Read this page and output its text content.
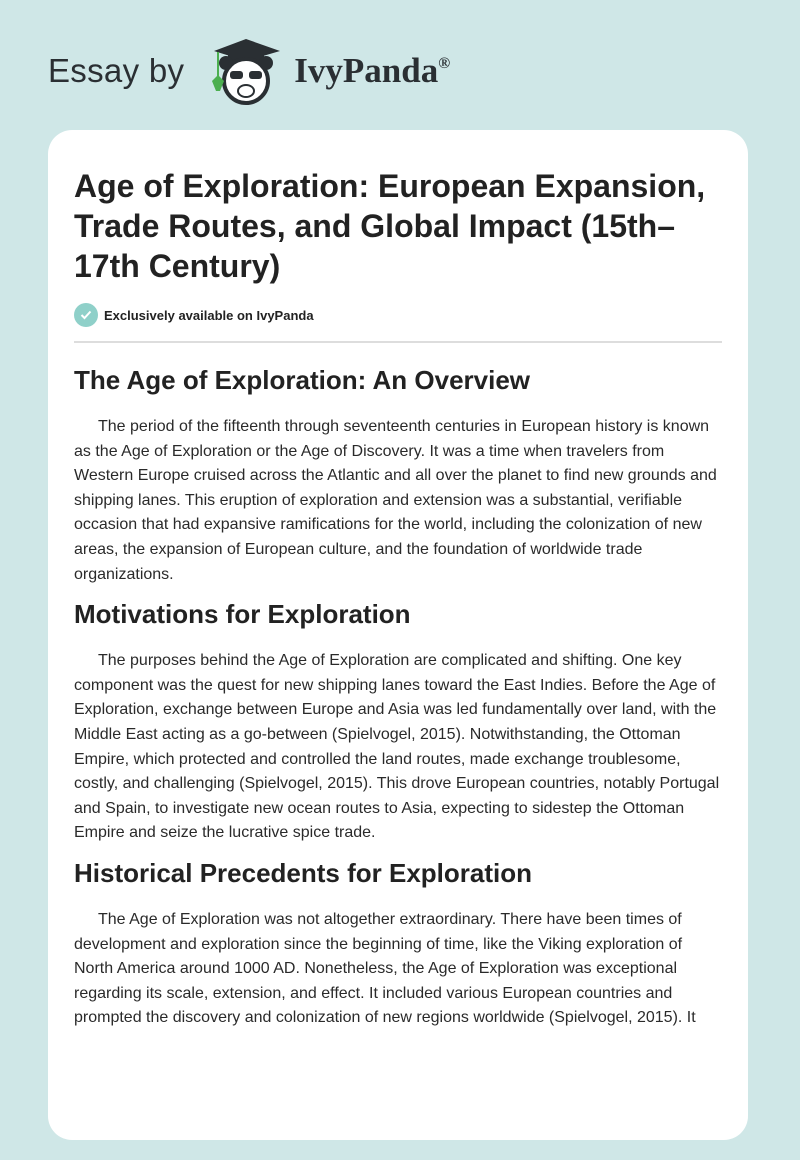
Essay by	IvyPanda®
Age of Exploration: European Expansion, Trade Routes, and Global Impact (15th–17th Century)
Exclusively available on IvyPanda
The Age of Exploration: An Overview

The period of the fifteenth through seventeenth centuries in European history is known as the Age of Exploration or the Age of Discovery. It was a time when travelers from Western Europe cruised across the Atlantic and all over the planet to find new grounds and shipping lanes. This eruption of exploration and extension was a substantial, verifiable occasion that had expansive ramifications for the world, including the colonization of new areas, the expansion of European culture, and the foundation of worldwide trade organizations.

Motivations for Exploration

The purposes behind the Age of Exploration are complicated and shifting. One key component was the quest for new shipping lanes toward the East Indies. Before the Age of Exploration, exchange between Europe and Asia was led fundamentally over land, with the Middle East acting as a go-between (Spielvogel, 2015). Notwithstanding, the Ottoman Empire, which protected and controlled the land routes, made exchange troublesome, costly, and challenging (Spielvogel, 2015). This drove European countries, notably Portugal and Spain, to investigate new ocean routes to Asia, expecting to sidestep the Ottoman Empire and seize the lucrative spice trade.

Historical Precedents for Exploration

The Age of Exploration was not altogether extraordinary. There have been times of development and exploration since the beginning of time, like the Viking exploration of North America around 1000 AD. Nonetheless, the Age of Exploration was exceptional regarding its scale, extension, and effect. It included various European countries and prompted the discovery and colonization of new regions worldwide (Spielvogel, 2015). It
